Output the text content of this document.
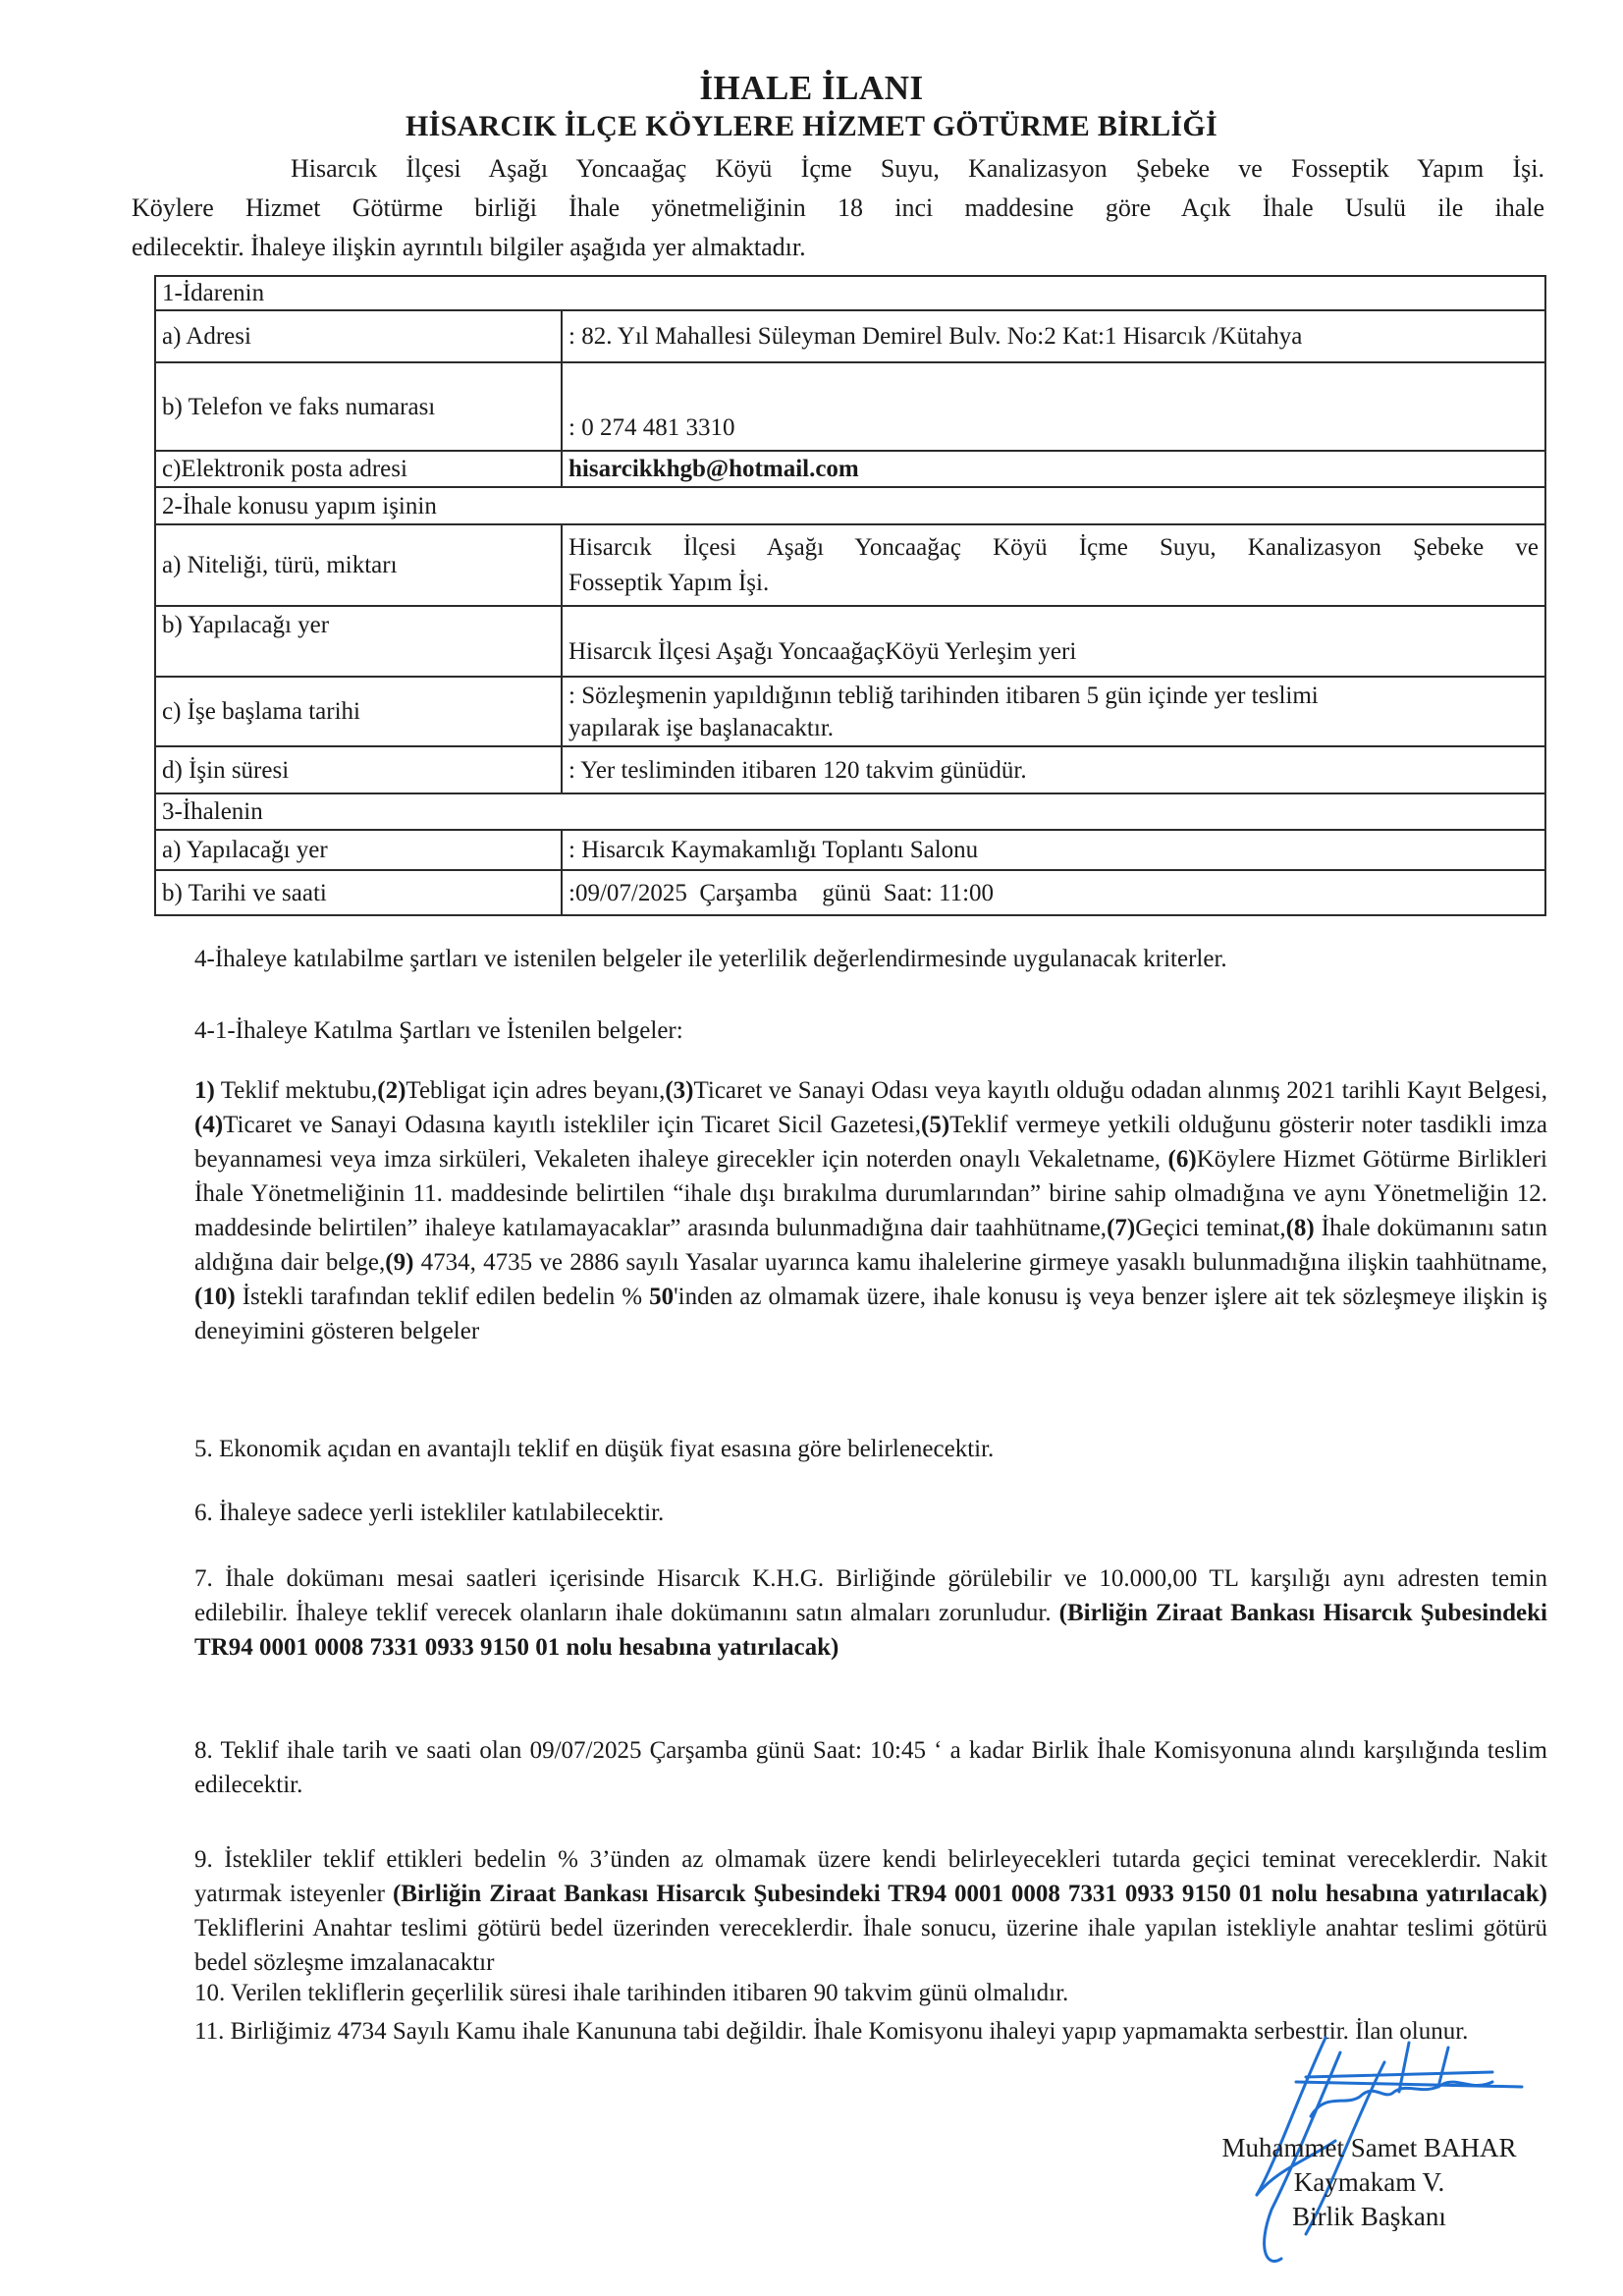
İHALE İLANI
HİSARCIK İLÇE KÖYLERE HİZMET GÖTÜRME BİRLİĞİ
Hisarcık İlçesi Aşağı Yoncaağaç Köyü İçme Suyu, Kanalizasyon Şebeke ve Fosseptik Yapım İşi.
Köylere Hizmet Götürme birliği İhale yönetmeliğinin 18 inci maddesine göre Açık İhale Usulü ile ihale
edilecektir. İhaleye ilişkin ayrıntılı bilgiler aşağıda yer almaktadır.
1-İdarenin	
a) Adresi	: 82. Yıl Mahallesi Süleyman Demirel Bulv. No:2 Kat:1 Hisarcık /Kütahya
b) Telefon ve faks numarası	: 0 274 481 3310
c)Elektronik posta adresi	hisarcikkhgb@hotmail.com
2-İhale konusu yapım işinin	
a) Niteliği, türü, miktarı	Hisarcık İlçesi Aşağı Yoncaağaç Köyü İçme Suyu, Kanalizasyon Şebeke ve
Fosseptik Yapım İşi.

b) Yapılacağı yer	Hisarcık İlçesi Aşağı YoncaağaçKöyü Yerleşim yeri
c) İşe başlama tarihi	: Sözleşmenin yapıldığının tebliğ tarihinden itibaren 5 gün içinde yer teslimi
yapılarak işe başlanacaktır.

d) İşin süresi	: Yer tesliminden itibaren 120 takvim günüdür.
3-İhalenin	
a) Yapılacağı yer	: Hisarcık Kaymakamlığı Toplantı Salonu
b) Tarihi ve saati	:09/07/2025  Çarşamba    günü  Saat: 11:00
4-İhaleye katılabilme şartları ve istenilen belgeler ile yeterlilik değerlendirmesinde uygulanacak kriterler.
4-1-İhaleye Katılma Şartları ve İstenilen belgeler:
1) Teklif mektubu,(2)Tebligat için adres beyanı,(3)Ticaret ve Sanayi Odası veya kayıtlı olduğu odadan alınmış 2021 tarihli Kayıt Belgesi,(4)Ticaret ve Sanayi Odasına kayıtlı istekliler için Ticaret Sicil Gazetesi,(5)Teklif vermeye yetkili olduğunu gösterir noter tasdikli imza beyannamesi veya imza sirküleri, Vekaleten ihaleye girecekler için noterden onaylı Vekaletname, (6)Köylere Hizmet Götürme Birlikleri İhale Yönetmeliğinin 11. maddesinde belirtilen “ihale dışı bırakılma durumlarından” birine sahip olmadığına ve aynı Yönetmeliğin 12. maddesinde belirtilen” ihaleye katılamayacaklar” arasında bulunmadığına dair taahhütname,(7)Geçici teminat,(8) İhale dokümanını satın aldığına dair belge,(9) 4734, 4735 ve 2886 sayılı Yasalar uyarınca kamu ihalelerine girmeye yasaklı bulunmadığına ilişkin taahhütname, (10) İstekli tarafından teklif edilen bedelin % 50'inden az olmamak üzere, ihale konusu iş veya benzer işlere ait tek sözleşmeye ilişkin iş deneyimini gösteren belgeler
5. Ekonomik açıdan en avantajlı teklif en düşük fiyat esasına göre belirlenecektir.
6. İhaleye sadece yerli istekliler katılabilecektir.
7. İhale dokümanı mesai saatleri içerisinde Hisarcık K.H.G. Birliğinde görülebilir ve 10.000,00 TL karşılığı aynı adresten temin edilebilir. İhaleye teklif verecek olanların ihale dokümanını satın almaları zorunludur. (Birliğin Ziraat Bankası Hisarcık Şubesindeki TR94 0001 0008 7331 0933 9150 01 nolu hesabına yatırılacak)
8. Teklif ihale tarih ve saati olan 09/07/2025 Çarşamba günü Saat: 10:45 ‘ a kadar Birlik İhale Komisyonuna alındı karşılığında teslim edilecektir.
9. İstekliler teklif ettikleri bedelin % 3’ünden az olmamak üzere kendi belirleyecekleri tutarda geçici teminat vereceklerdir. Nakit yatırmak isteyenler (Birliğin Ziraat Bankası Hisarcık Şubesindeki TR94 0001 0008 7331 0933 9150 01 nolu hesabına yatırılacak) Tekliflerini Anahtar teslimi götürü bedel üzerinden vereceklerdir. İhale sonucu, üzerine ihale yapılan istekliyle anahtar teslimi götürü bedel sözleşme imzalanacaktır
10. Verilen tekliflerin geçerlilik süresi ihale tarihinden itibaren 90 takvim günü olmalıdır.
11. Birliğimiz 4734 Sayılı Kamu ihale Kanununa tabi değildir. İhale Komisyonu ihaleyi yapıp yapmamakta serbesttir. İlan olunur.
Muhammet Samet BAHAR
Kaymakam V.
Birlik Başkanı
